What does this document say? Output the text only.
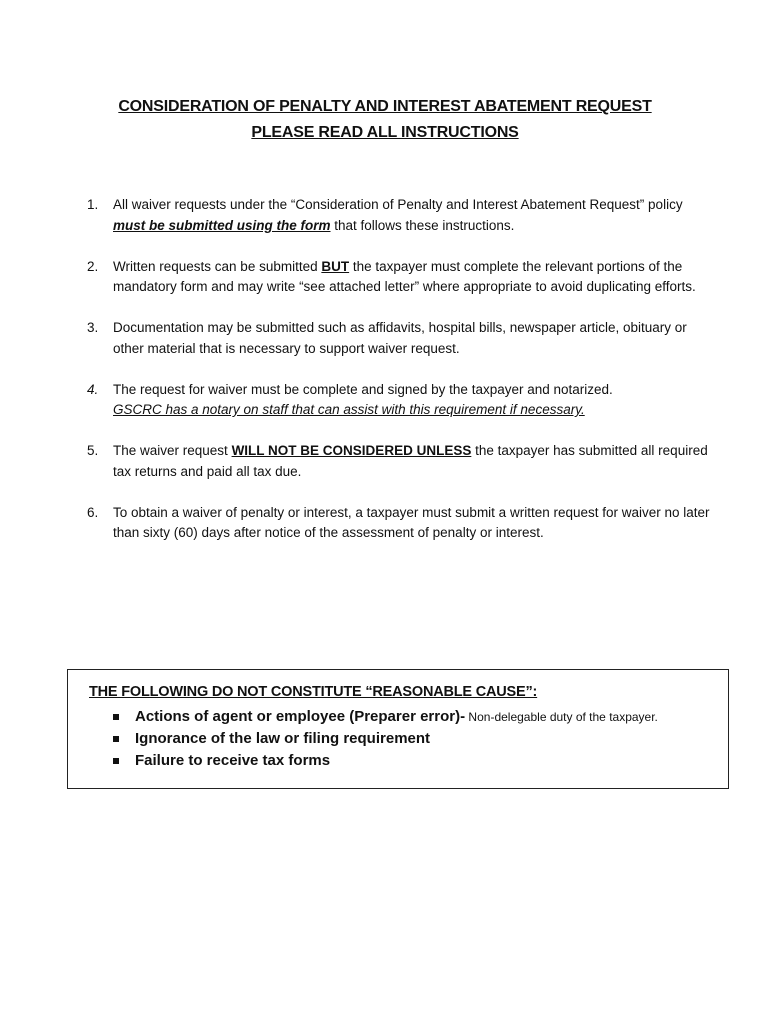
CONSIDERATION OF PENALTY AND INTEREST ABATEMENT REQUEST
PLEASE READ ALL INSTRUCTIONS
1. All waiver requests under the “Consideration of Penalty and Interest Abatement Request” policy must be submitted using the form that follows these instructions.
2. Written requests can be submitted BUT the taxpayer must complete the relevant portions of the mandatory form and may write “see attached letter” where appropriate to avoid duplicating efforts.
3. Documentation may be submitted such as affidavits, hospital bills, newspaper article, obituary or other material that is necessary to support waiver request.
4. The request for waiver must be complete and signed by the taxpayer and notarized.
GSCRC has a notary on staff that can assist with this requirement if necessary.
5. The waiver request WILL NOT BE CONSIDERED UNLESS the taxpayer has submitted all required tax returns and paid all tax due.
6. To obtain a waiver of penalty or interest, a taxpayer must submit a written request for waiver no later than sixty (60) days after notice of the assessment of penalty or interest.
THE FOLLOWING DO NOT CONSTITUTE “REASONABLE CAUSE”:
Actions of agent or employee (Preparer error)- Non-delegable duty of the taxpayer.
Ignorance of the law or filing requirement
Failure to receive tax forms
